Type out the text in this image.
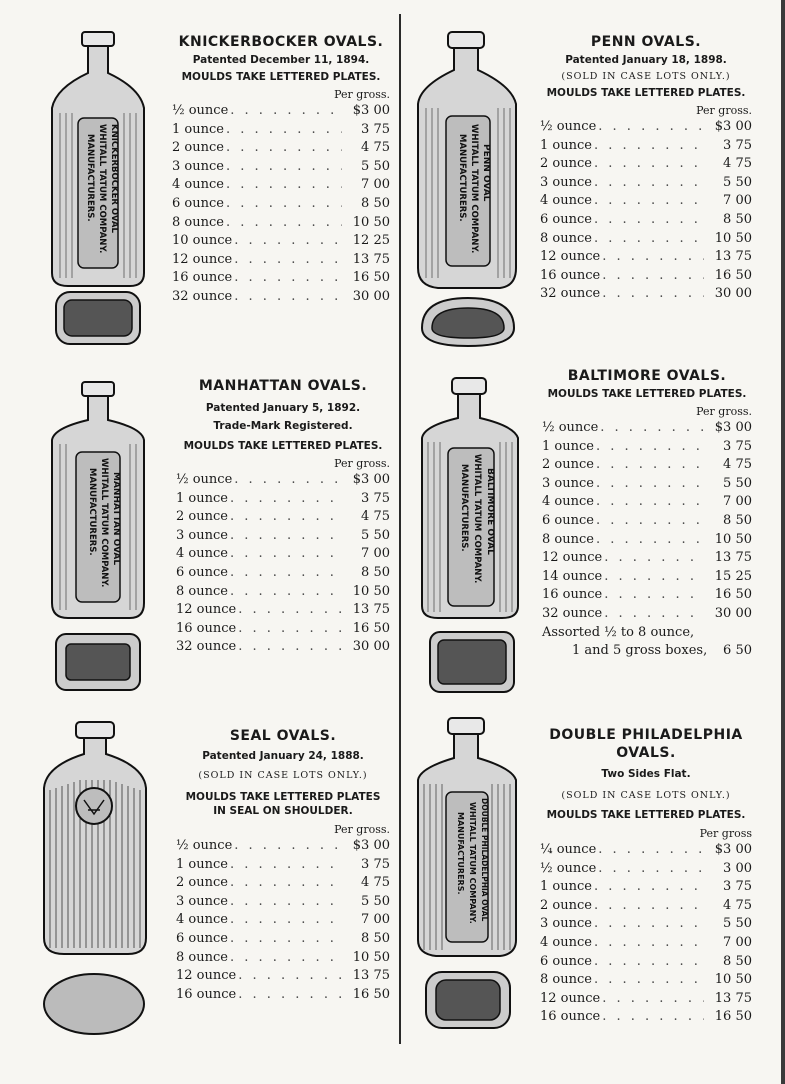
KNICKERBOCKER OVAL
WHITALL TATUM COMPANY.
MANUFACTURERS.
KNICKERBOCKER OVALS.
Patented December 11, 1894.
MOULDS TAKE LETTERED PLATES.
Per gross.
½ ounce . . .	$3 00
1 ounce . . .	3 75
2 ounce . . .	4 75
3 ounce . . .	5 50
4 ounce . . .	7 00
6 ounce . . .	8 50
8 ounce . . .	10 50
10 ounce . . .	12 25
12 ounce . . .	13 75
16 ounce . . .	16 50
32 ounce . . .	30 00
PENN OVAL
WHITALL TATUM COMPANY.
MANUFACTURERS.
PENN OVALS.
Patented January 18, 1898.
(SOLD IN CASE LOTS ONLY.)
MOULDS TAKE LETTERED PLATES.
Per gross.
½ ounce . . .	$3 00
1 ounce . . .	3 75
2 ounce . . .	4 75
3 ounce . . .	5 50
4 ounce . . .	7 00
6 ounce . . .	8 50
8 ounce . . .	10 50
12 ounce . . .	13 75
16 ounce . . .	16 50
32 ounce . . .	30 00
MANHATTAN OVAL
WHITALL TATUM COMPANY.
MANUFACTURERS.
MANHATTAN OVALS.
Patented January 5, 1892.
Trade-Mark Registered.
MOULDS TAKE LETTERED PLATES.
Per gross.
½ ounce . . .	$3 00
1 ounce . . .	3 75
2 ounce . . .	4 75
3 ounce . . .	5 50
4 ounce . . .	7 00
6 ounce . . .	8 50
8 ounce . . .	10 50
12 ounce . . .	13 75
16 ounce . . .	16 50
32 ounce . . .	30 00
BALTIMORE OVAL
WHITALL TATUM COMPANY.
MANUFACTURERS.
BALTIMORE OVALS.
MOULDS TAKE LETTERED PLATES.
Per gross.
½ ounce . . .	$3 00
1 ounce . . .	3 75
2 ounce . . .	4 75
3 ounce . . .	5 50
4 ounce . . .	7 00
6 ounce . . .	8 50
8 ounce . . .	10 50
12 ounce . . .	13 75
14 ounce . . .	15 25
16 ounce . . .	16 50
32 ounce . . .	30 00
Assorted ½ to 8 ounce,
1 and 5 gross boxes, 6 50
SEAL OVALS.
Patented January 24, 1888.
(SOLD IN CASE LOTS ONLY.)
MOULDS TAKE LETTERED PLATES
IN SEAL ON SHOULDER.
Per gross.
½ ounce . . .	$3 00
1 ounce . . .	3 75
2 ounce . . .	4 75
3 ounce . . .	5 50
4 ounce . . .	7 00
6 ounce . . .	8 50
8 ounce . . .	10 50
12 ounce . . .	13 75
16 ounce . . .	16 50
DOUBLE PHILADELPHIA OVAL
WHITALL TATUM COMPANY.
MANUFACTURERS.
DOUBLE PHILADELPHIA OVALS.
Two Sides Flat.
(SOLD IN CASE LOTS ONLY.)
MOULDS TAKE LETTERED PLATES.
Per gross
¼ ounce . . .	$3 00
½ ounce . . .	3 00
1 ounce . . .	3 75
2 ounce . . .	4 75
3 ounce . . .	5 50
4 ounce . . .	7 00
6 ounce . . .	8 50
8 ounce . . .	10 50
12 ounce . . .	13 75
16 ounce . . .	16 50
